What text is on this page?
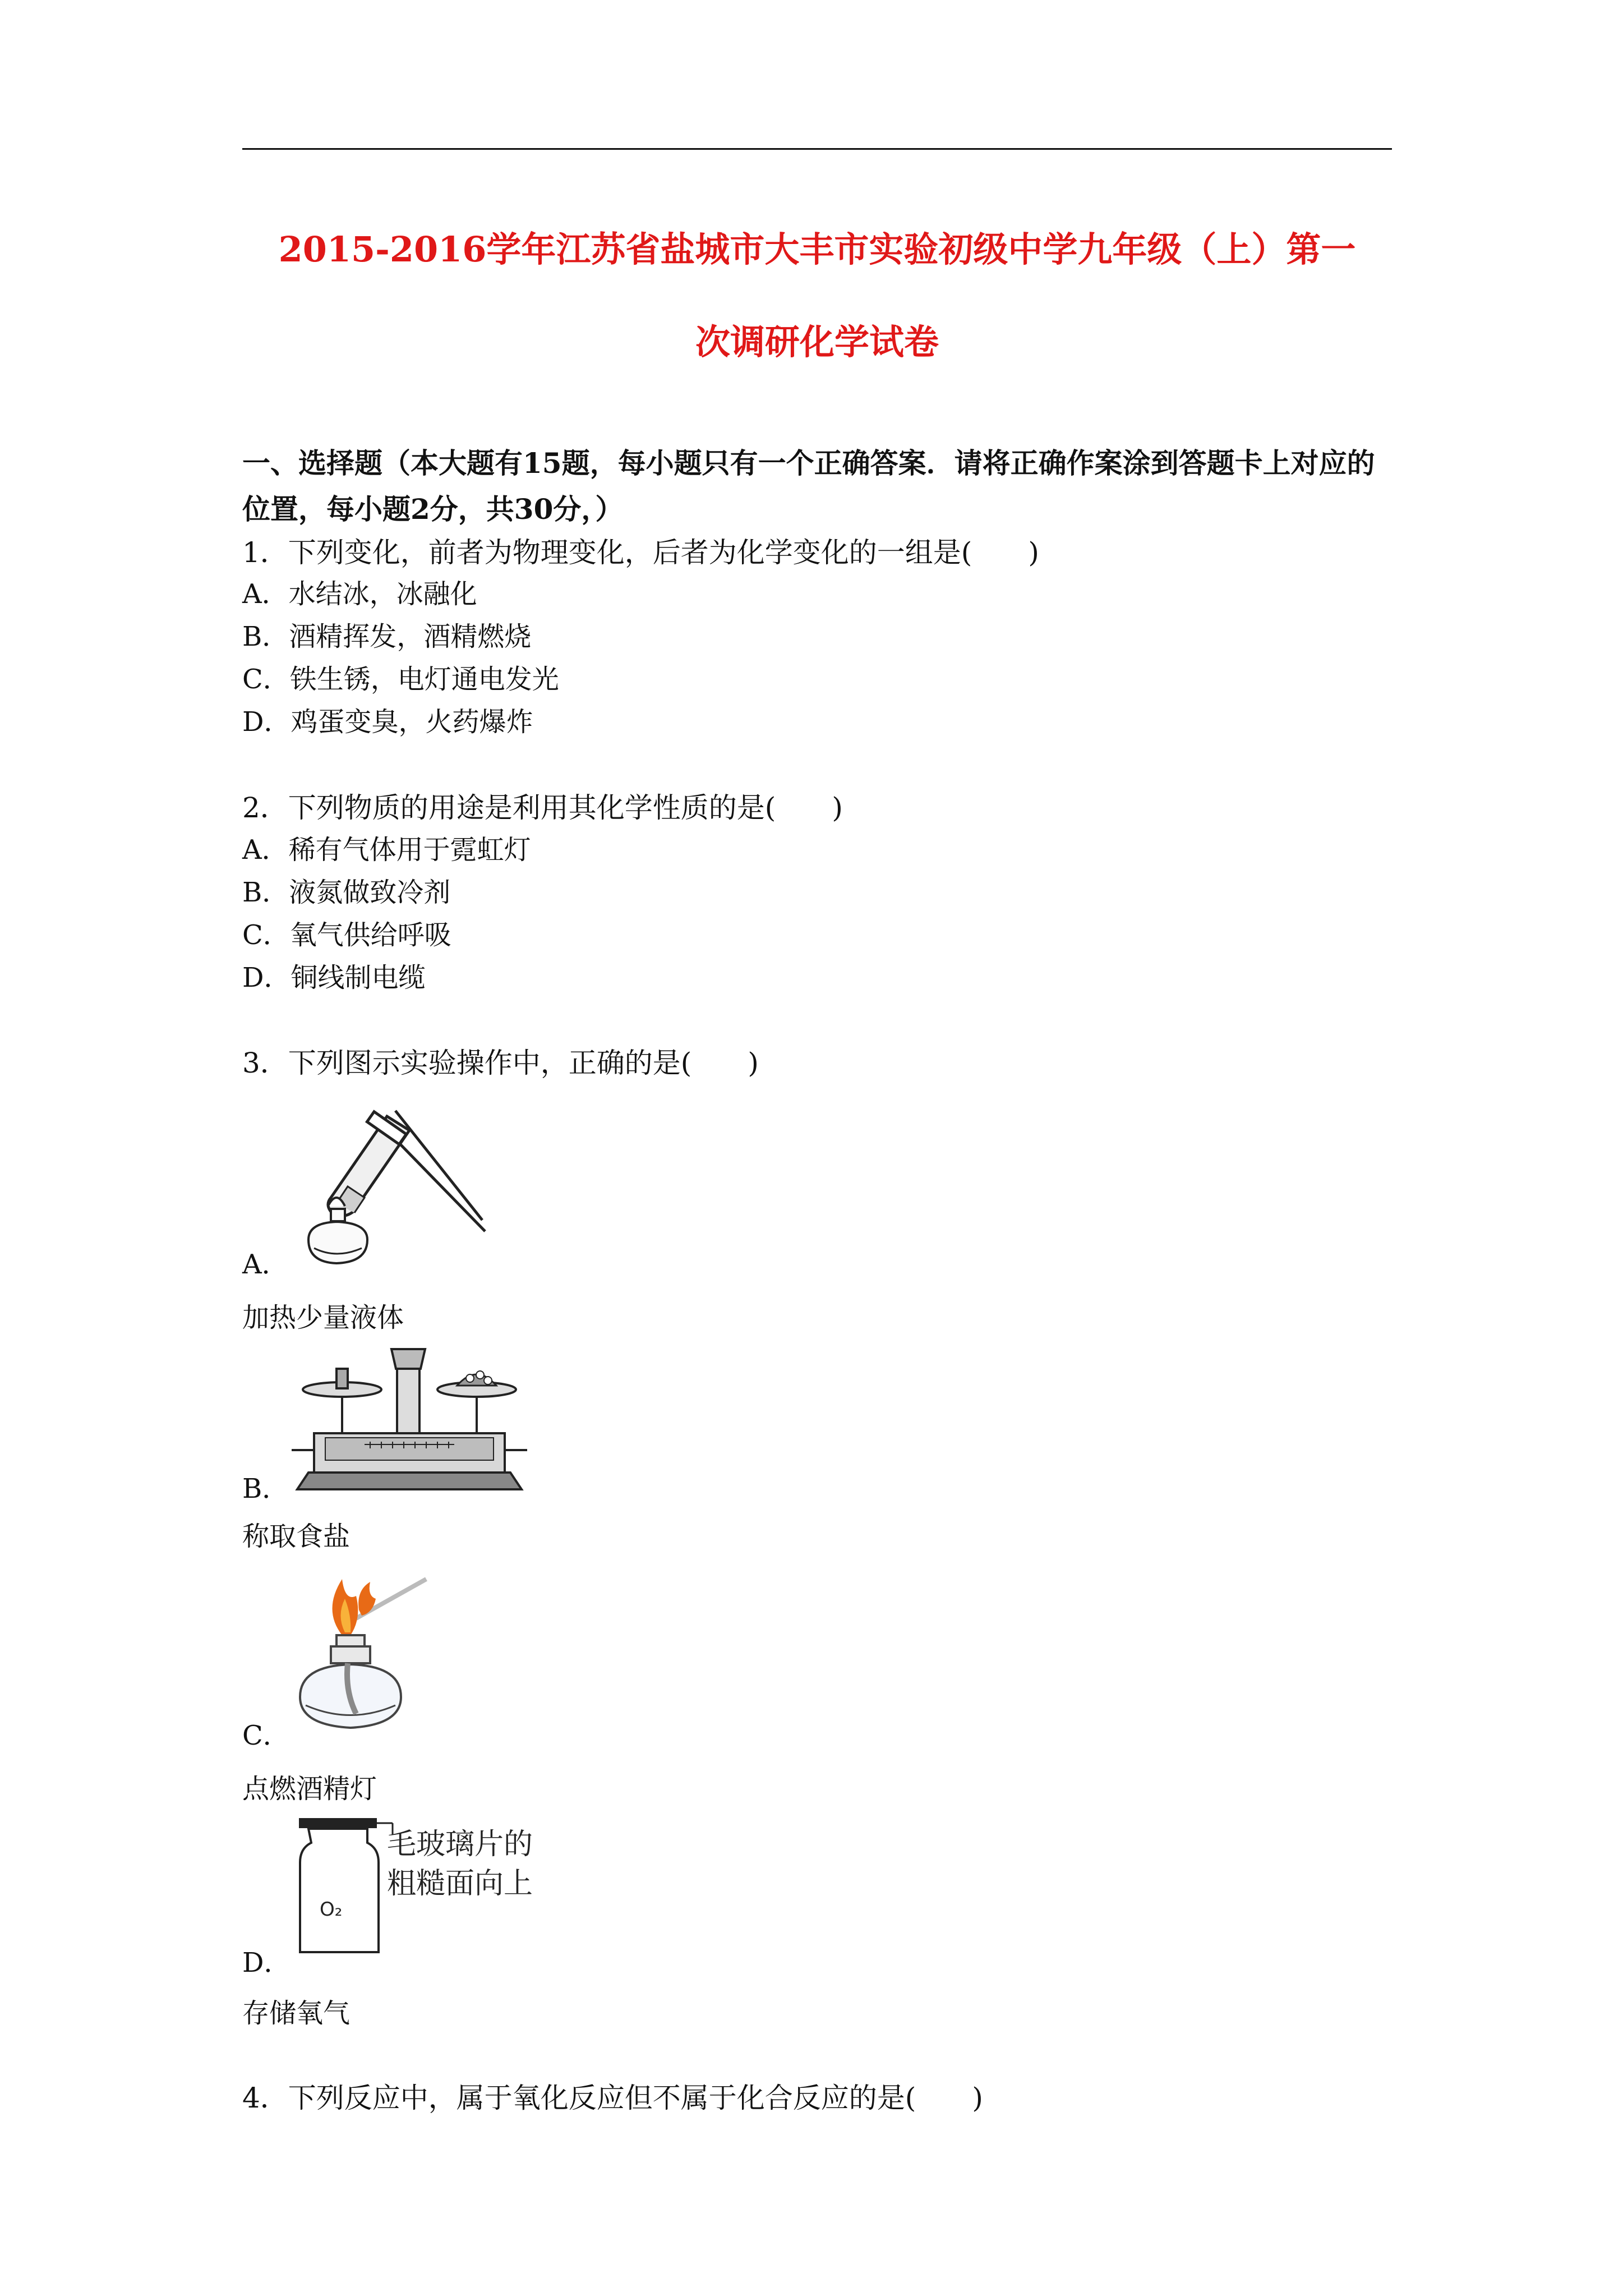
2015-2016学年江苏省盐城市大丰市实验初级中学九年级（上）第一
次调研化学试卷
一、选择题（本大题有15题，每小题只有一个正确答案．请将正确作案涂到答题卡上对应的位置，每小题2分，共30分，）
1．下列变化，前者为物理变化，后者为化学变化的一组是(　　)
A．水结冰，冰融化
B．酒精挥发，酒精燃烧
C．铁生锈，电灯通电发光
D．鸡蛋变臭，火药爆炸
2．下列物质的用途是利用其化学性质的是(　　)
A．稀有气体用于霓虹灯
B．液氮做致冷剂
C．氧气供给呼吸
D．铜线制电缆
3．下列图示实验操作中，正确的是(　　)
A．
加热少量液体
B．
称取食盐
C．
点燃酒精灯
O₂
毛玻璃片的
粗糙面向上
D．
存储氧气
4．下列反应中，属于氧化反应但不属于化合反应的是(　　)
